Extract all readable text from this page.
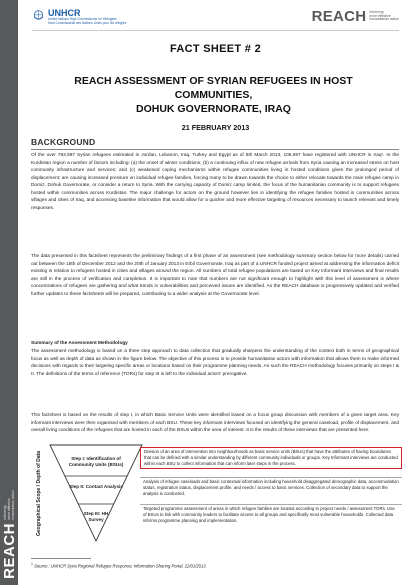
Informing more effective humanitarian action
REACH
UNHCR
United Nations High Commissioner for Refugees
Haut Commissariat des Nations Unies pour les réfugiés	REACH Informing
more effective
humanitarian action
FACT SHEET # 2
REACH ASSESSMENT OF SYRIAN REFUGEES IN HOST COMMUNITIES,
DOHUK GOVERNORATE, IRAQ
21 FEBRUARY 2013
BACKGROUND

Of the over 783,597 Syrian refugees estimated in Jordan, Lebanon, Iraq, Turkey and Egypt as of 5th March 2013, 106,697 have registered with UNHCR in Iraq¹. In the Kurdistan region a number of factors including: (a) the onset of winter conditions; (b) a continuing influx of new refugee arrivals from Syria causing an increased stress on host community infrastructure and services; and (c) weakened coping mechanisms within refugee communities living in hosted conditions given the prolonged period of displacement; are causing increased pressure on individual refugee families, forcing many to be drawn towards the choice to either relocate towards the main refugee camp in Domiz, Dohuk Governorate, or consider a return to Syria. With the carrying capacity of Domiz camp limited, the focus of the humanitarian community is to support refugees hosted within communities across Kurdistan. The major challenge for actors on the ground however lies in identifying the refugee families hosted in communities across villages and cities of Iraq, and accessing baseline information that would allow for a quicker and more effective targeting of resources necessary to launch relevant and timely responses.

The data presented in this factsheet represents the preliminary findings of a first phase of an assessment (see methodology summary section below for more details) carried out between the 18th of December 2012 and the 20th of January 2013 in Erbil Governorate, Iraq as part of a UNHCR funded project aimed at addressing the information deficit existing in relation to refugees hosted in cities and villages around the region. All numbers of total refugee populations are based on Key Informant Interviews and final results are still in the process of verification and completion. It is important to note that numbers are not significant enough to highlight with this level of assessment is where concentrations of refugees are gathering and what trends in vulnerabilities and perceived issues are identified. As the REACH database is progressively updated and verified further updates to these factsheets will be prepared, contributing to a wider analysis at the Governorate level.

Summary of the Assessment Methodology

The assessment methodology is based on a three step approach to data collection that gradually sharpens the understanding of the context both in terms of geographical focus as well as depth of data as shown in the figure below. The objective of this process is to provide humanitarian actors with information that allows them to make informed decisions with regards to their targeting specific areas or locations based on their programme planning needs. As such the REACH methodology focuses primarily on steps I & II. The definitions of the terms of reference (TORs) for step III is left to the individual actors' prerogative.

This factsheet is based on the results of step I, in which Basic Service Units were identified based on a focus group discussion with members of a given target area. Key informant interviews were then organised with members of each BSU. These key informant interviews focused on identifying the general caseload, profile of displacement, and overall living conditions of the refugees that are hosted in each of the BSUs within the area of interest. It is the results of these interviews that are presented here.

Geographical Scope / Depth of Data	Step I: Identification of Community Units (BSUs)
Step II: Contact Analysis
Step III: HH Survey
Division of an area of intervention into neighbourhoods as basic service units (BSUs) that have the attributes of having boundaries that can be defined with a similar understanding by different community individuals or groups. Key Informant interviews are conducted within each BSU to collect information that can inform later steps in the process.
Analysis of refugee caseloads and basic contextual information including household disaggregated demographic data, accommodation status, registration status, displacement profile, and needs / access to basic services. Collection of secondary data to support the analysis is conducted.
Targeted programme assessment of areas in which refugee families are located according to project needs / assessment TORs. Use of BSUs to link with community leaders to facilitate access to all groups and specifically most vulnerable households. Collected data informs programme planning and implementation.
$^1$ Source : UNHCR Syria Regional Refugee Response; Information Sharing Portal, 22/01/2013
